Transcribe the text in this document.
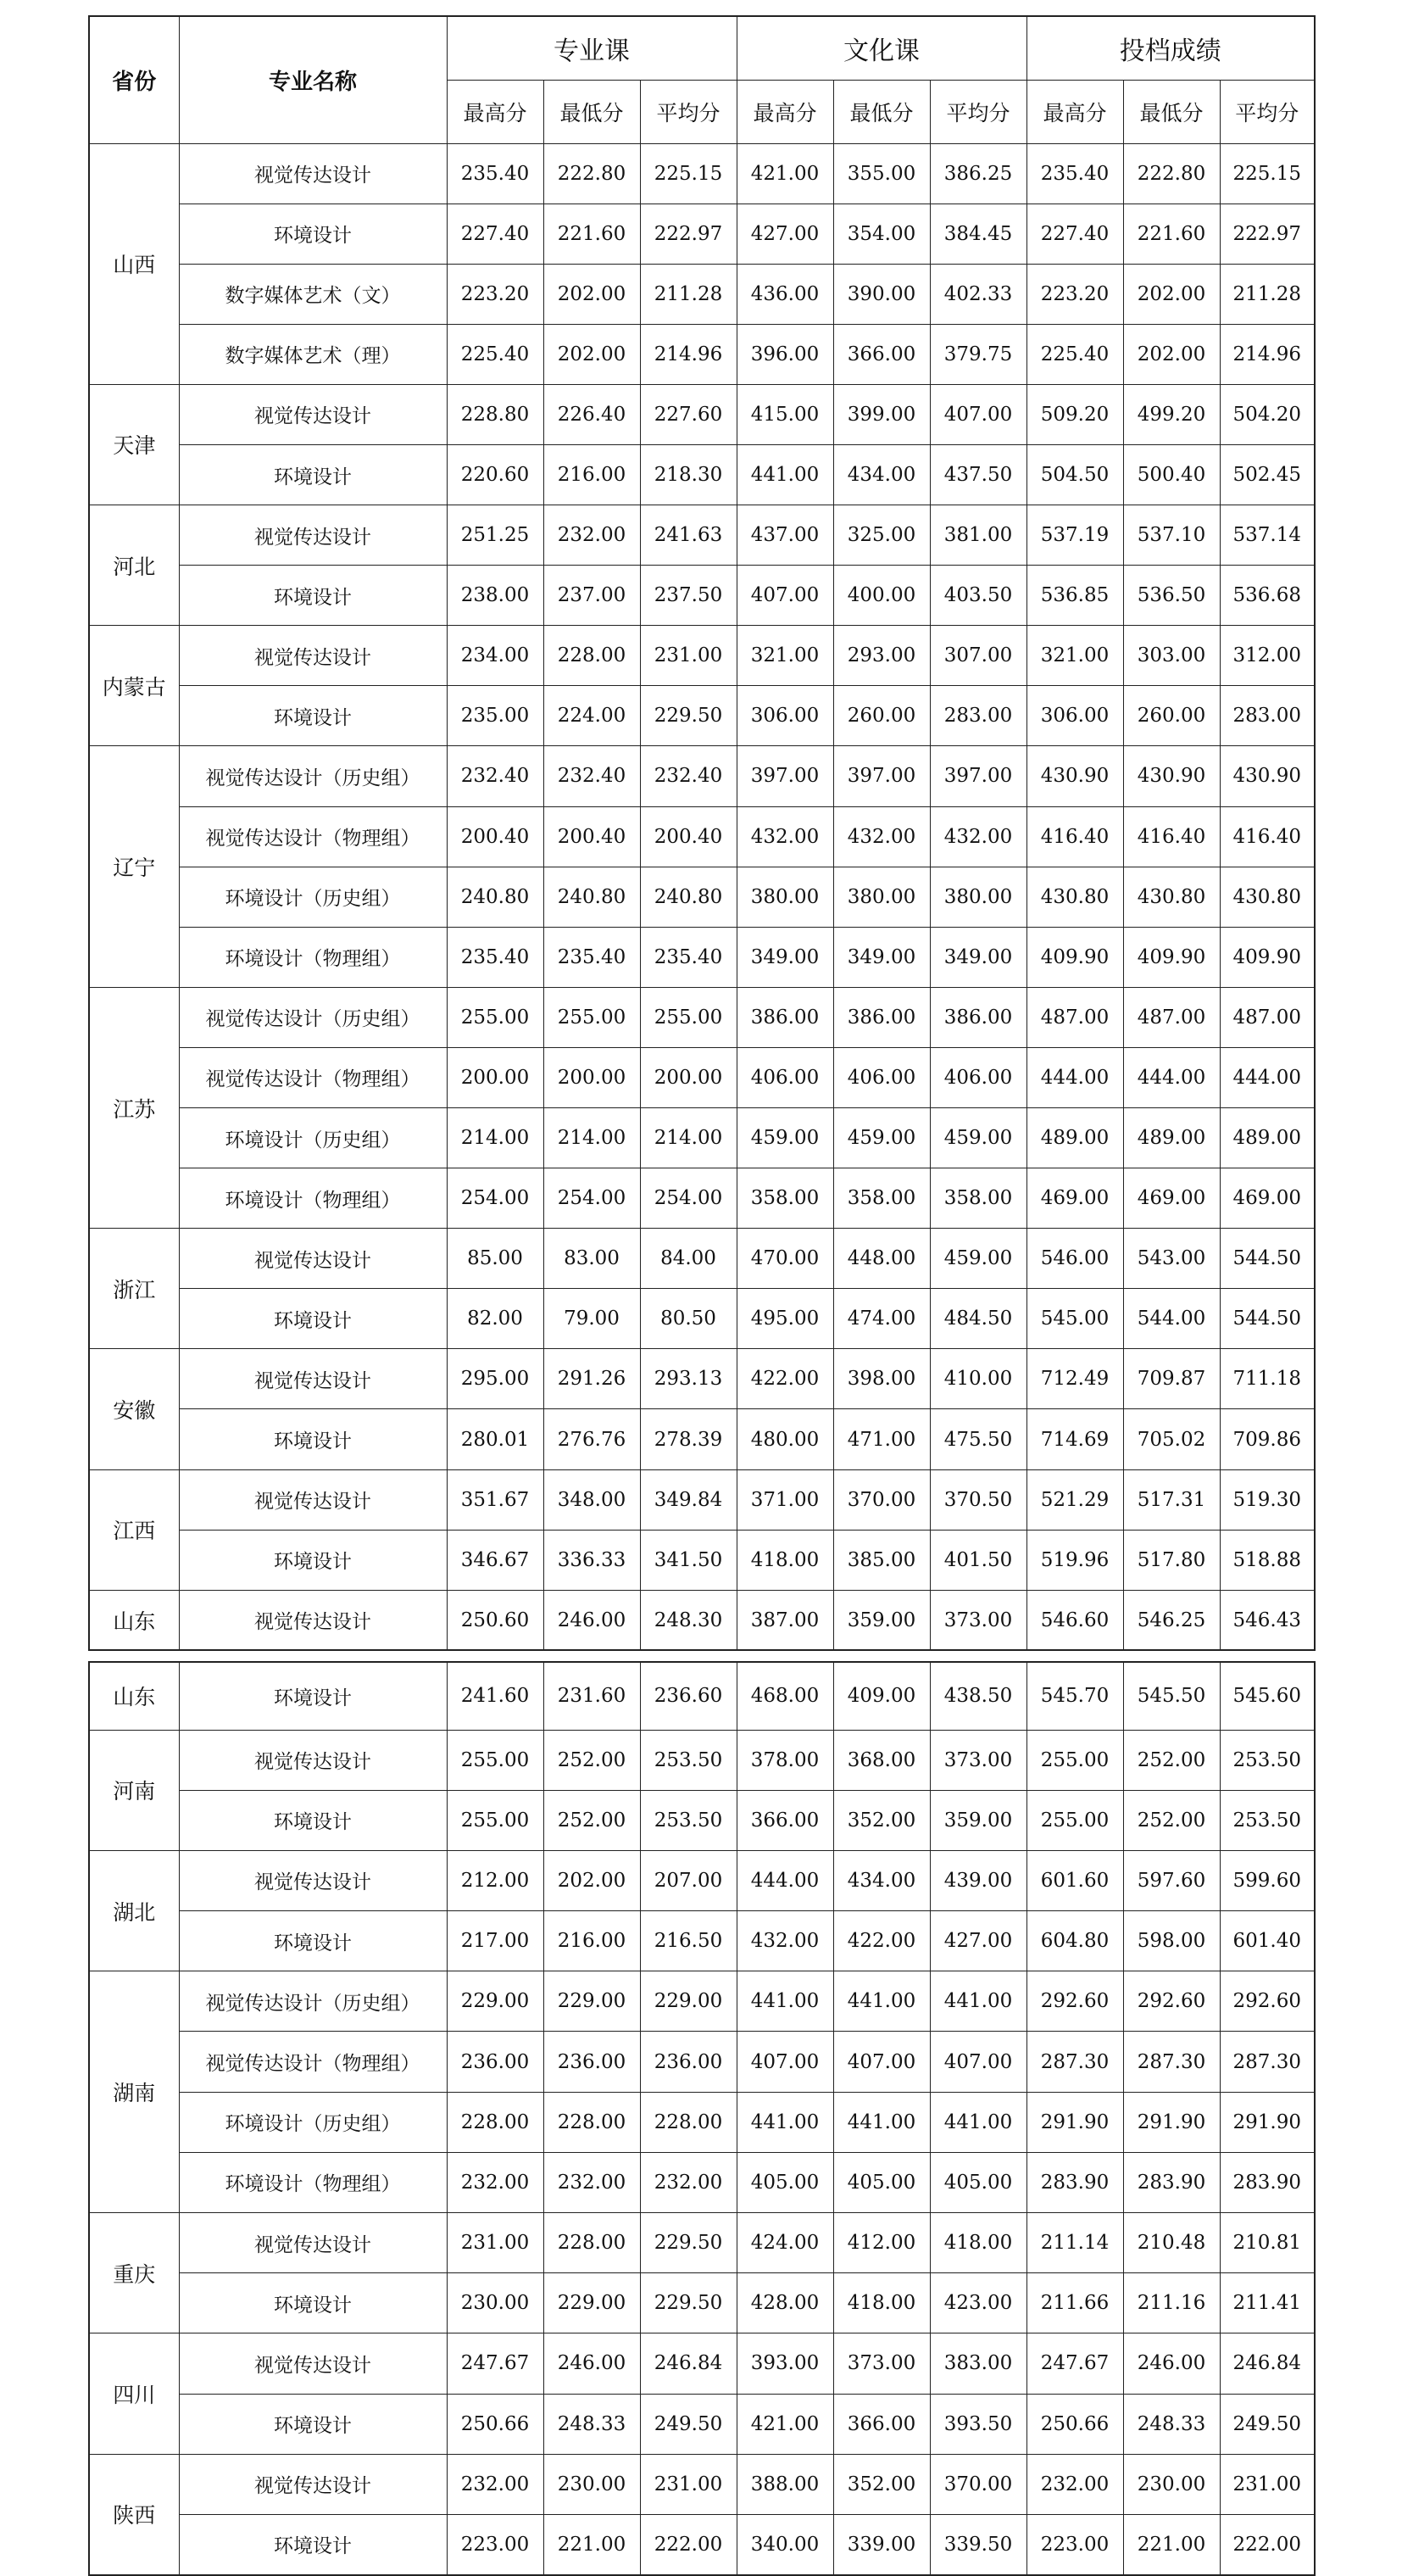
省份	专业名称	专业课			文化课			投档成绩		
		最高分	最低分	平均分	最高分	最低分	平均分	最高分	最低分	平均分
山西	视觉传达设计	235.40	222.80	225.15	421.00	355.00	386.25	235.40	222.80	225.15
	环境设计	227.40	221.60	222.97	427.00	354.00	384.45	227.40	221.60	222.97
	数字媒体艺术（文）	223.20	202.00	211.28	436.00	390.00	402.33	223.20	202.00	211.28
	数字媒体艺术（理）	225.40	202.00	214.96	396.00	366.00	379.75	225.40	202.00	214.96
天津	视觉传达设计	228.80	226.40	227.60	415.00	399.00	407.00	509.20	499.20	504.20
	环境设计	220.60	216.00	218.30	441.00	434.00	437.50	504.50	500.40	502.45
河北	视觉传达设计	251.25	232.00	241.63	437.00	325.00	381.00	537.19	537.10	537.14
	环境设计	238.00	237.00	237.50	407.00	400.00	403.50	536.85	536.50	536.68
内蒙古	视觉传达设计	234.00	228.00	231.00	321.00	293.00	307.00	321.00	303.00	312.00
	环境设计	235.00	224.00	229.50	306.00	260.00	283.00	306.00	260.00	283.00
辽宁	视觉传达设计（历史组）	232.40	232.40	232.40	397.00	397.00	397.00	430.90	430.90	430.90
	视觉传达设计（物理组）	200.40	200.40	200.40	432.00	432.00	432.00	416.40	416.40	416.40
	环境设计（历史组）	240.80	240.80	240.80	380.00	380.00	380.00	430.80	430.80	430.80
	环境设计（物理组）	235.40	235.40	235.40	349.00	349.00	349.00	409.90	409.90	409.90
江苏	视觉传达设计（历史组）	255.00	255.00	255.00	386.00	386.00	386.00	487.00	487.00	487.00
	视觉传达设计（物理组）	200.00	200.00	200.00	406.00	406.00	406.00	444.00	444.00	444.00
	环境设计（历史组）	214.00	214.00	214.00	459.00	459.00	459.00	489.00	489.00	489.00
	环境设计（物理组）	254.00	254.00	254.00	358.00	358.00	358.00	469.00	469.00	469.00
浙江	视觉传达设计	85.00	83.00	84.00	470.00	448.00	459.00	546.00	543.00	544.50
	环境设计	82.00	79.00	80.50	495.00	474.00	484.50	545.00	544.00	544.50
安徽	视觉传达设计	295.00	291.26	293.13	422.00	398.00	410.00	712.49	709.87	711.18
	环境设计	280.01	276.76	278.39	480.00	471.00	475.50	714.69	705.02	709.86
江西	视觉传达设计	351.67	348.00	349.84	371.00	370.00	370.50	521.29	517.31	519.30
	环境设计	346.67	336.33	341.50	418.00	385.00	401.50	519.96	517.80	518.88
山东	视觉传达设计	250.60	246.00	248.30	387.00	359.00	373.00	546.60	546.25	546.43
山东	环境设计	241.60	231.60	236.60	468.00	409.00	438.50	545.70	545.50	545.60
河南	视觉传达设计	255.00	252.00	253.50	378.00	368.00	373.00	255.00	252.00	253.50
	环境设计	255.00	252.00	253.50	366.00	352.00	359.00	255.00	252.00	253.50
湖北	视觉传达设计	212.00	202.00	207.00	444.00	434.00	439.00	601.60	597.60	599.60
	环境设计	217.00	216.00	216.50	432.00	422.00	427.00	604.80	598.00	601.40
湖南	视觉传达设计（历史组）	229.00	229.00	229.00	441.00	441.00	441.00	292.60	292.60	292.60
	视觉传达设计（物理组）	236.00	236.00	236.00	407.00	407.00	407.00	287.30	287.30	287.30
	环境设计（历史组）	228.00	228.00	228.00	441.00	441.00	441.00	291.90	291.90	291.90
	环境设计（物理组）	232.00	232.00	232.00	405.00	405.00	405.00	283.90	283.90	283.90
重庆	视觉传达设计	231.00	228.00	229.50	424.00	412.00	418.00	211.14	210.48	210.81
	环境设计	230.00	229.00	229.50	428.00	418.00	423.00	211.66	211.16	211.41
四川	视觉传达设计	247.67	246.00	246.84	393.00	373.00	383.00	247.67	246.00	246.84
	环境设计	250.66	248.33	249.50	421.00	366.00	393.50	250.66	248.33	249.50
陕西	视觉传达设计	232.00	230.00	231.00	388.00	352.00	370.00	232.00	230.00	231.00
	环境设计	223.00	221.00	222.00	340.00	339.00	339.50	223.00	221.00	222.00
